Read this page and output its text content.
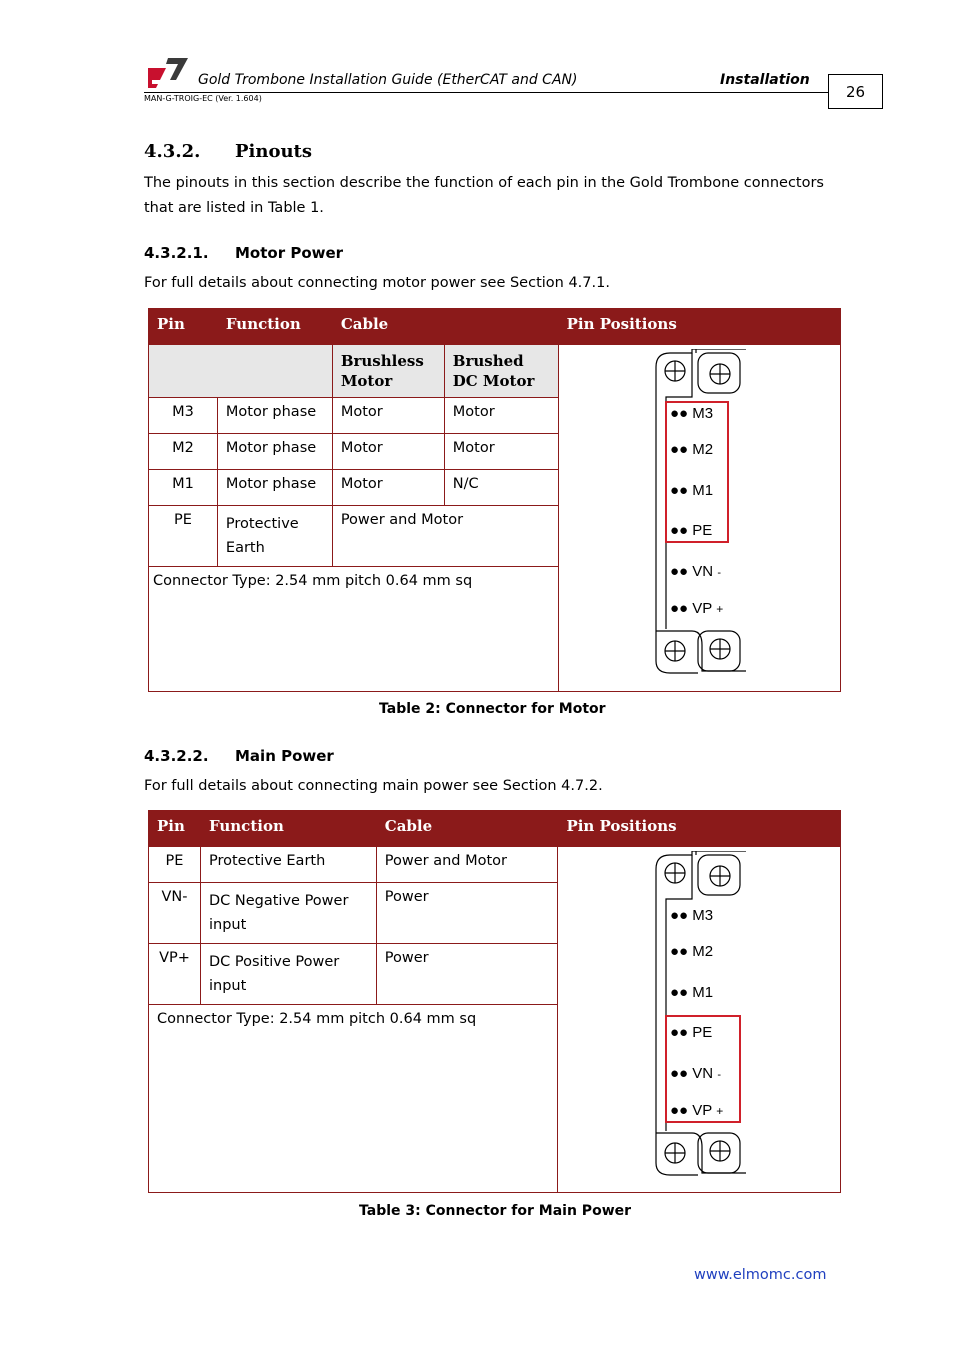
Gold Trombone Installation Guide (EtherCAT and CAN)	Installation
MAN-G-TROIG-EC (Ver. 1.604)	26
4.3.2. Pinouts
The pinouts in this section describe the function of each pin in the Gold Trombone connectors
that are listed in Table 1.
4.3.2.1. Motor Power
For full details about connecting motor power see Section 4.7.1.
Pin	Function	Cable		Pin Positions
		Brushless Motor	Brushed DC Motor	
M3	Motor phase	Motor	Motor	
M2	Motor phase	Motor	Motor	
M1	Motor phase	Motor	N/C	
PE	Protective Earth	Power and Motor		
Connector Type: 2.54 mm pitch 0.64 mm sq				
●● M3
●● M2
●● M1
●● PE
●● VN -
●● VP +
Table 2: Connector for Motor
4.3.2.2. Main Power
For full details about connecting main power see Section 4.7.2.
Pin	Function	Cable	Pin Positions
PE	Protective Earth	Power and Motor	
VN-	DC Negative Power input	Power	
VP+	DC Positive Power input	Power	
Connector Type: 2.54 mm pitch 0.64 mm sq			
●● M3
●● M2
●● M1
●● PE
●● VN -
●● VP +
Table 3: Connector for Main Power
www.elmomc.com
